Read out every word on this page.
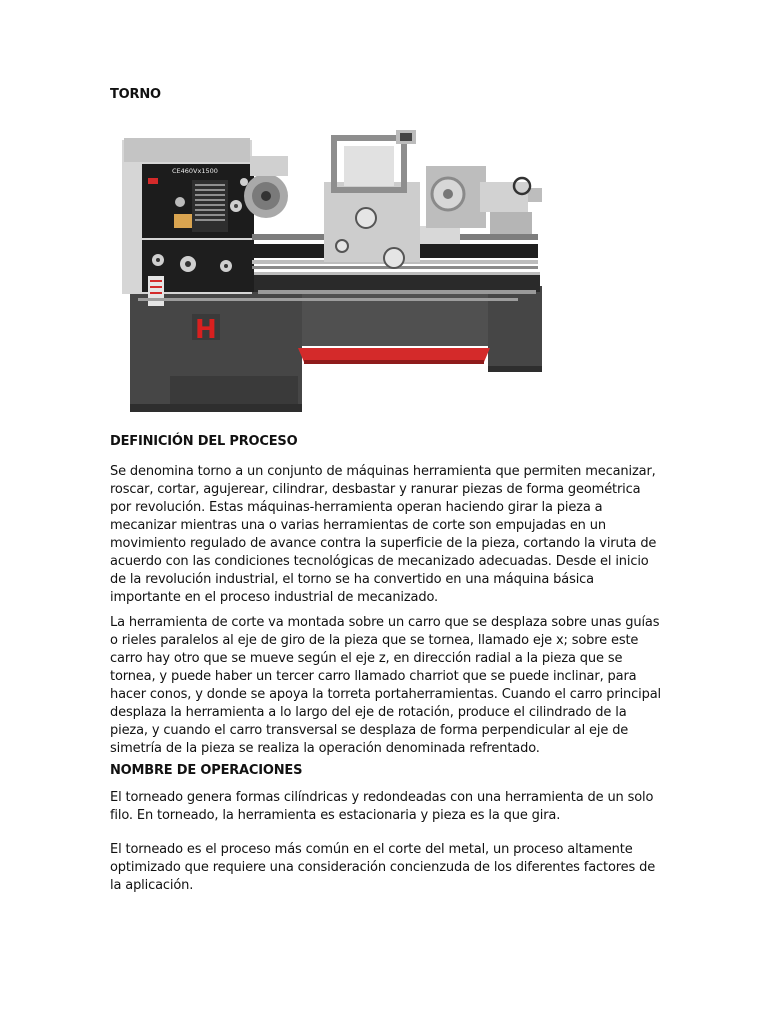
TORNO
CE460Vx1500
H
DEFINICIÓN DEL PROCESO

Se denomina torno a un conjunto de máquinas herramienta que permiten mecanizar, roscar, cortar, agujerear, cilindrar, desbastar y ranurar piezas de forma geométrica por revolución. Estas máquinas-herramienta operan haciendo girar la pieza a mecanizar mientras una o varias herramientas de corte son empujadas en un movimiento regulado de avance contra la superficie de la pieza, cortando la viruta de acuerdo con las condiciones tecnológicas de mecanizado adecuadas. Desde el inicio de la revolución industrial, el torno se ha convertido en una máquina básica importante en el proceso industrial de mecanizado.

La herramienta de corte va montada sobre un carro que se desplaza sobre unas guías o rieles paralelos al eje de giro de la pieza que se tornea, llamado eje x; sobre este carro hay otro que se mueve según el eje z, en dirección radial a la pieza que se tornea, y puede haber un tercer carro llamado charriot que se puede inclinar, para hacer conos, y donde se apoya la torreta portaherramientas. Cuando el carro principal desplaza la herramienta a lo largo del eje de rotación, produce el cilindrado de la pieza, y cuando el carro transversal se desplaza de forma perpendicular al eje de simetría de la pieza se realiza la operación denominada refrentado.

NOMBRE DE OPERACIONES

El torneado genera formas cilíndricas y redondeadas con una herramienta de un solo filo. En torneado, la herramienta es estacionaria y pieza es la que gira.

El torneado es el proceso más común en el corte del metal, un proceso altamente optimizado que requiere una consideración concienzuda de los diferentes factores de la aplicación.
